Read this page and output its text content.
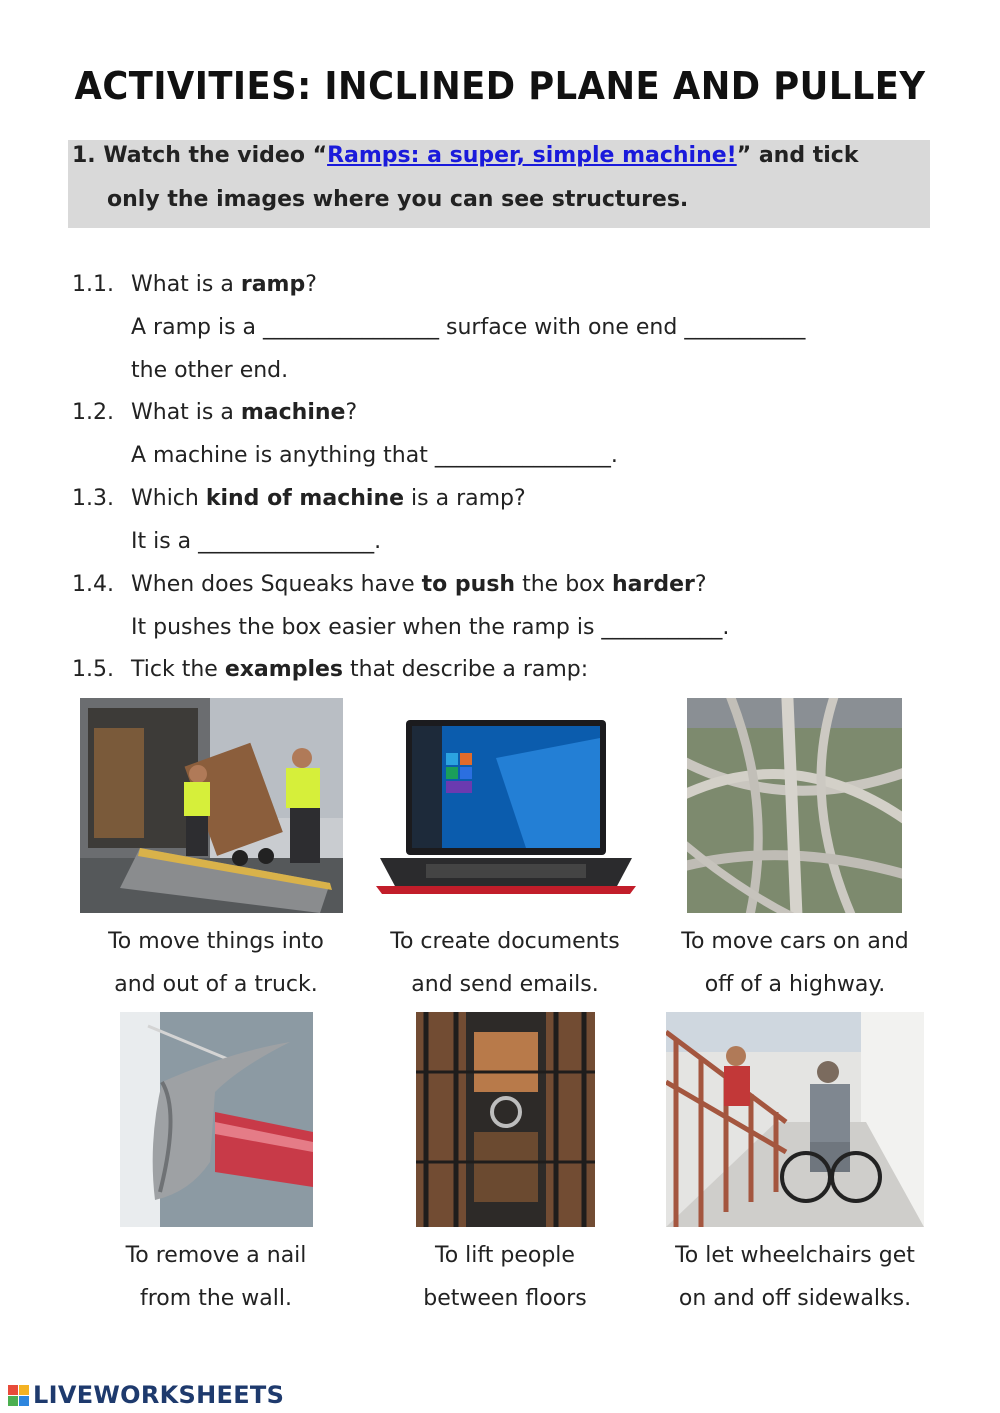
ACTIVITIES: INCLINED PLANE AND PULLEY
1. Watch the video “Ramps: a super, simple machine!” and tick
only the images where you can see structures.
1.1. What is a ramp?
A ramp is a ________________ surface with one end ___________
the other end.
1.2. What is a machine?
A machine is anything that ________________.
1.3. Which kind of machine is a ramp?
It is a ________________.
1.4. When does Squeaks have to push the box harder?
It pushes the box easier when the ramp is ___________.
1.5. Tick the examples that describe a ramp:
To move things into
and out of a truck.
To create documents
and send emails.
To move cars on and
off of a highway.
To remove a nail
from the wall.
To lift people
between floors
To let wheelchairs get
on and off sidewalks.
LIVEWORKSHEETS
